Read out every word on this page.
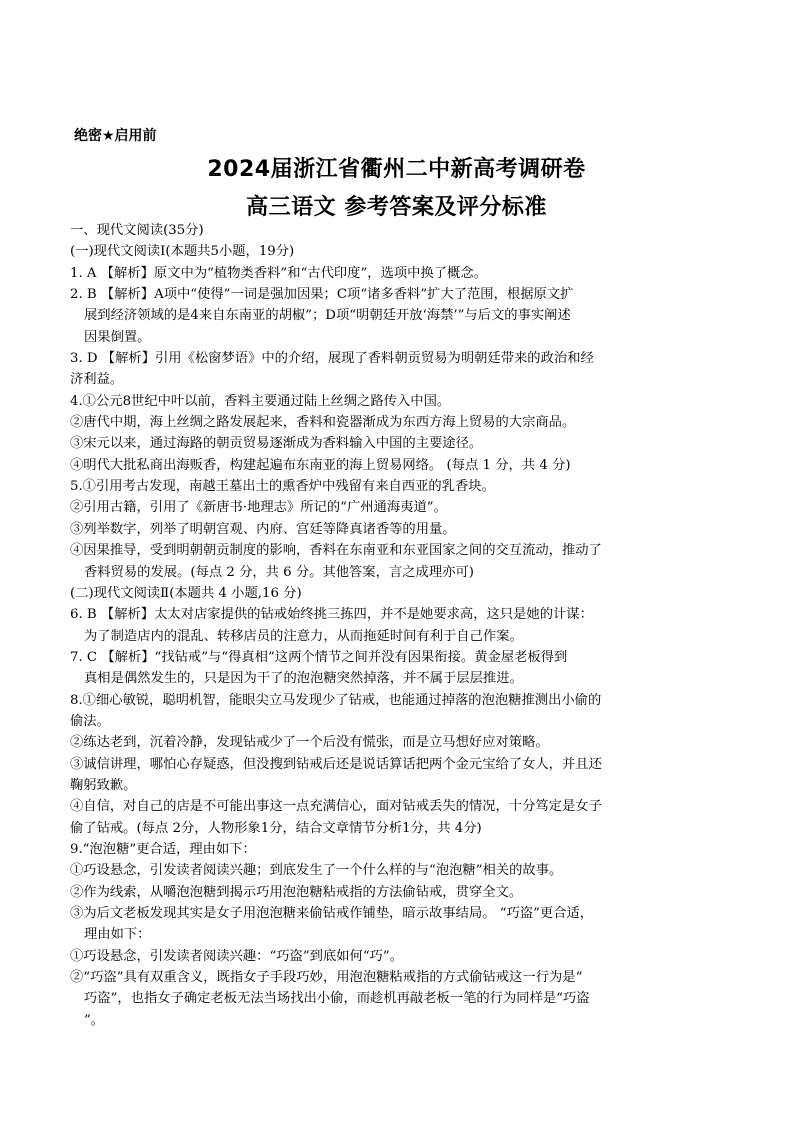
绝密★启用前
2024届浙江省衢州二中新高考调研卷
高三语文 参考答案及评分标准
一、现代文阅读(35分)
(一)现代文阅读Ⅰ(本题共5小题，19分)
1. A 【解析】原文中为“植物类香料”和“古代印度”，选项中换了概念。
2. B 【解析】A项中“使得”一词是强加因果；C项“诸多香料”扩大了范围，根据原文扩
展到经济领域的是4来自东南亚的胡椒”；D项“明朝廷开放‘海禁’”与后文的事实阐述
因果倒置。
3. D 【解析】引用《松窗梦语》中的介绍，展现了香料朝贡贸易为明朝廷带来的政治和经
济利益。
4.①公元8世纪中叶以前，香料主要通过陆上丝绸之路传入中国。
②唐代中期，海上丝绸之路发展起来，香料和瓷器渐成为东西方海上贸易的大宗商品。
③宋元以来，通过海路的朝贡贸易逐渐成为香料输入中国的主要途径。
④明代大批私商出海贩香，构建起遍布东南亚的海上贸易网络。 (每点 1 分，共 4 分)
5.①引用考古发现，南越王墓出土的熏香炉中残留有来自西亚的乳香块。
②引用古籍，引用了《新唐书·地理志》所记的“广州通海夷道”。
③列举数字，列举了明朝宫观、内府、宫廷等降真诸香等的用量。
④因果推导，受到明朝朝贡制度的影响，香料在东南亚和东亚国家之间的交互流动，推动了
香料贸易的发展。(每点 2 分，共 6 分。其他答案，言之成理亦可)
(二)现代文阅读Ⅱ(本题共 4 小题,16 分)
6. B 【解析】太太对店家提供的钻戒始终挑三拣四，并不是她要求高，这只是她的计谋：
为了制造店内的混乱、转移店员的注意力，从而拖延时间有利于自己作案。
7. C 【解析】“找钻戒”与“得真相”这两个情节之间并没有因果衔接。黄金屋老板得到
真相是偶然发生的，只是因为干了的泡泡糖突然掉落，并不属于层层推进。
8.①细心敏锐，聪明机智，能眼尖立马发现少了钻戒，也能通过掉落的泡泡糖推测出小偷的
偷法。
②练达老到，沉着冷静，发现钻戒少了一个后没有慌张，而是立马想好应对策略。
③诚信讲理，哪怕心存疑惑，但没搜到钻戒后还是说话算话把两个金元宝给了女人，并且还
鞠躬致歉。
④自信，对自己的店是不可能出事这一点充满信心，面对钻戒丢失的情况，十分笃定是女子
偷了钻戒。(每点 2分，人物形象1分，结合文章情节分析1分，共 4分)
9.“泡泡糖”更合适，理由如下：
①巧设悬念，引发读者阅读兴趣；到底发生了一个什么样的与“泡泡糖”相关的故事。
②作为线索，从嚼泡泡糖到揭示巧用泡泡糖粘戒指的方法偷钻戒，贯穿全文。
③为后文老板发现其实是女子用泡泡糖来偷钻戒作铺垫，暗示故事结局。 “巧盗”更合适，
理由如下：
①巧设悬念，引发读者阅读兴趣：“巧盗”到底如何“巧”。
②“巧盗”具有双重含义，既指女子手段巧妙，用泡泡糖粘戒指的方式偷钻戒这一行为是“
巧盗”，也指女子确定老板无法当场找出小偷，而趁机再敲老板一笔的行为同样是“巧盗
”。
